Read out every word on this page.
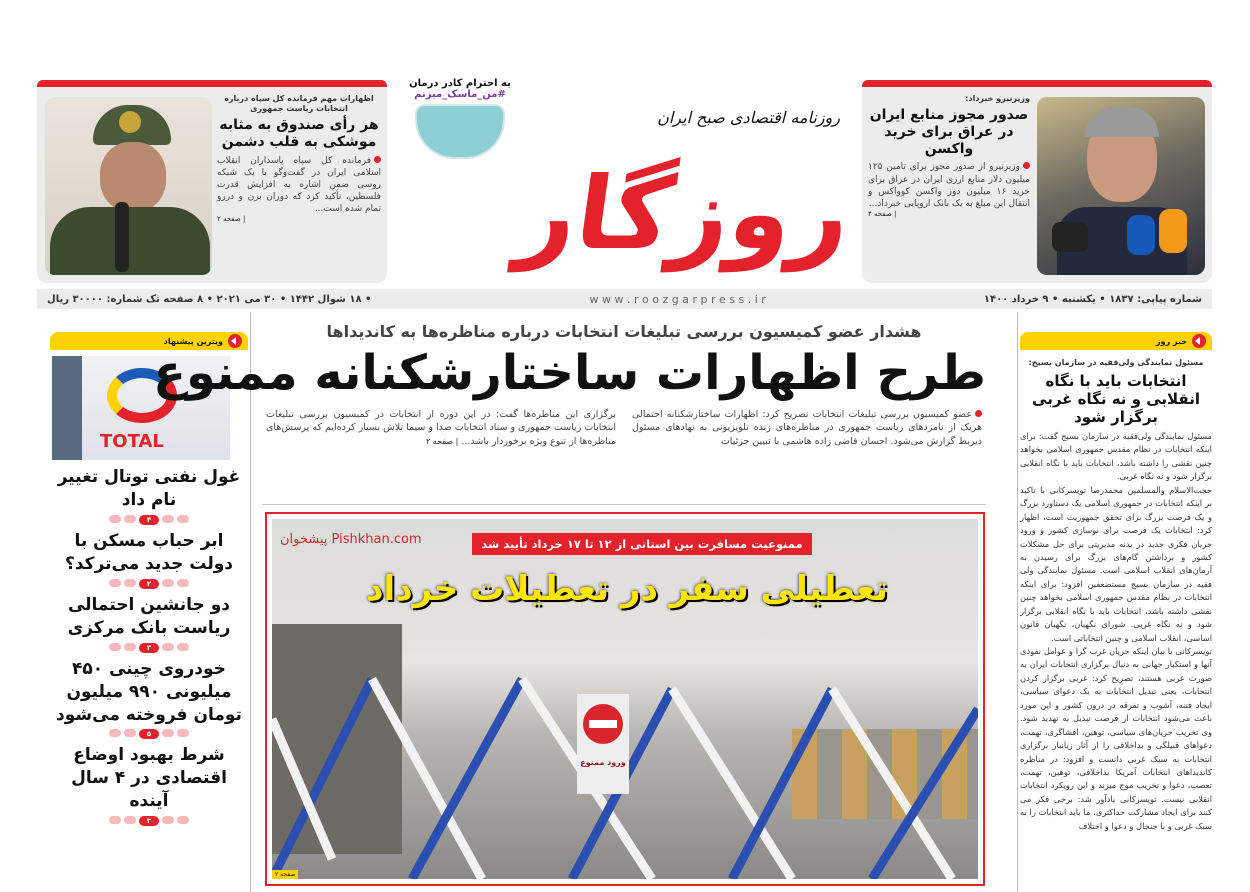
وزیرنیرو خبرداد:
صدور مجوز منابع ایران در عراق برای خرید واکسن
وزیرنیرو از صدور مجوز برای تامین ۱۲۵ میلیون دلار منابع ارزی ایران در عراق برای خرید ۱۶ میلیون دوز واکسن کوواکس و انتقال این مبلغ به یک بانک اروپایی خبرداد...
| صفحه ۴
اظهارات مهم فرمانده کل سپاه درباره انتخابات ریاست جمهوری
هر رأی صندوق به مثابه موشکی به قلب دشمن
فرمانده کل سپاه پاسداران انقلاب اسلامی ایران در گفت‌وگو با یک شبکه روسی ضمن اشاره به افزایش قدرت فلسطین، تأکید کرد که دوران بزن و دررو تمام شده است...
| صفحه ۲
به احترام کادر درمان
#من_ماسک_میزنم
روزنامه اقتصادی صبح ایران
روزگار
شماره پیاپی: ۱۸۳۷ • یکشنبه • ۹ خرداد ۱۴۰۰
w w w . r o o z g a r p r e s s . i r
• ۱۸ شوال ۱۴۴۲ • ۳۰ می ۲۰۲۱ • ۸ صفحه تک شماره: ۳۰۰۰۰ ریال
خبر روز
مسئول نمایندگی ولی‌فقیه در سازمان بسیج:
انتخابات باید با نگاه انقلابی و نه نگاه غربی برگزار شود

مسئول نمایندگی ولی‌فقیه در سازمان بسیج گفت: برای اینکه انتخابات در نظام مقدس جمهوری اسلامی بخواهد چنین نقشی را داشته باشد، انتخابات باید با نگاه انقلابی برگزار شود و نه نگاه غربی.

حجت‌الاسلام والمسلمین محمدرضا تویسرکانی با تاکید بر اینکه انتخابات در جمهوری اسلامی یک دستاورد بزرگ و یک فرصت بزرگ برای تحقق جمهوریت است، اظهار کرد: انتخابات یک فرصت برای نوسازی کشور و ورود جریان فکری جدید در بدنه مدیریتی برای حل مشکلات کشور و برداشتن گام‌های بزرگ برای رسیدن به آرمان‌های انقلاب اسلامی است. مسئول نمایندگی ولی فقیه در سازمان بسیج مستضعفین افزود: برای اینکه انتخابات در نظام مقدس جمهوری اسلامی بخواهد چنین نقشی داشته باشد، انتخابات باید با نگاه انقلابی برگزار شود و نه نگاه غربی. شورای نگهبان، نگهبان قانون اساسی، انقلاب اسلامی و چنین انتخاباتی است.

تویسرکانی با بیان اینکه جریان غرب گرا و عوامل نفوذی آنها و استکبار جهانی به دنبال برگزاری انتخابات ایران به صورت غربی هستند، تصریح کرد: غربی برگزار کردن انتخابات، یعنی تبدیل انتخابات به یک دعوای سیاسی، ایجاد فتنه، آشوب و تفرقه در درون کشور و این مورد باعث می‌شود انتخابات از فرصت تبدیل به تهدید شود. وی تخریب جریان‌های سیاسی، توهین، افشاگری، تهمت، دعواهای قبیلگی و بداخلاقی را از آثار زیانبار برگزاری انتخابات به سبک غربی دانست و افزود: در مناظره کاندیداهای انتخابات آمریکا بداخلاقی، توهین، تهمت، تعصب، دعوا و تخریب موج میزند و این رویکرد انتخابات انقلابی نیست. تویسرکانی یادآور شد: برخی فکر می کنند برای ایجاد مشارکت حداکثری، ما باید انتخابات را به سبک غربی و با جنجال و دعوا و اختلاف

ویترین پیشنهاد
TOTAL
غول نفتی توتال تغییر نام داد
۴
ابر حباب مسکن با دولت جدید می‌ترکد؟
۲
دو جانشین احتمالی ریاست بانک مرکزی
۳
خودروی چینی ۴۵۰ میلیونی ۹۹۰ میلیون تومان فروخته می‌شود
۵
شرط بهبود اوضاع اقتصادی در ۴ سال آینده
۳
هشدار عضو کمیسیون بررسی تبلیغات انتخابات درباره مناظره‌ها به کاندیداها
طرح اظهارات ساختارشکنانه ممنوع
عضو کمیسیون بررسی تبلیغات انتخابات تصریح کرد: اظهارات ساختارشکنانه احتمالی هریک از نامزدهای ریاست جمهوری در مناظره‌های زنده تلویزیونی به نهادهای مسئول ذیربط گزارش می‌شود. احسان قاضی زاده هاشمی با تبیین جزئیات
برگزاری این مناظره‌ها گفت: در این دوره از انتخابات در کمیسیون بررسی تبلیغات انتخابات ریاست جمهوری و ستاد انتخابات صدا و سیما تلاش بسیار کرده‌ایم که پرسش‌های مناظره‌ها از تنوع ویژه برخوردار باشد... | صفحه ۲
ورود ممنوع
پیشخوان Pishkhan.com	ممنوعیت مسافرت بین استانی از ۱۲ تا ۱۷ خرداد تأیید شد
تعطیلی سفر در تعطیلات خرداد
صفحه ۲
